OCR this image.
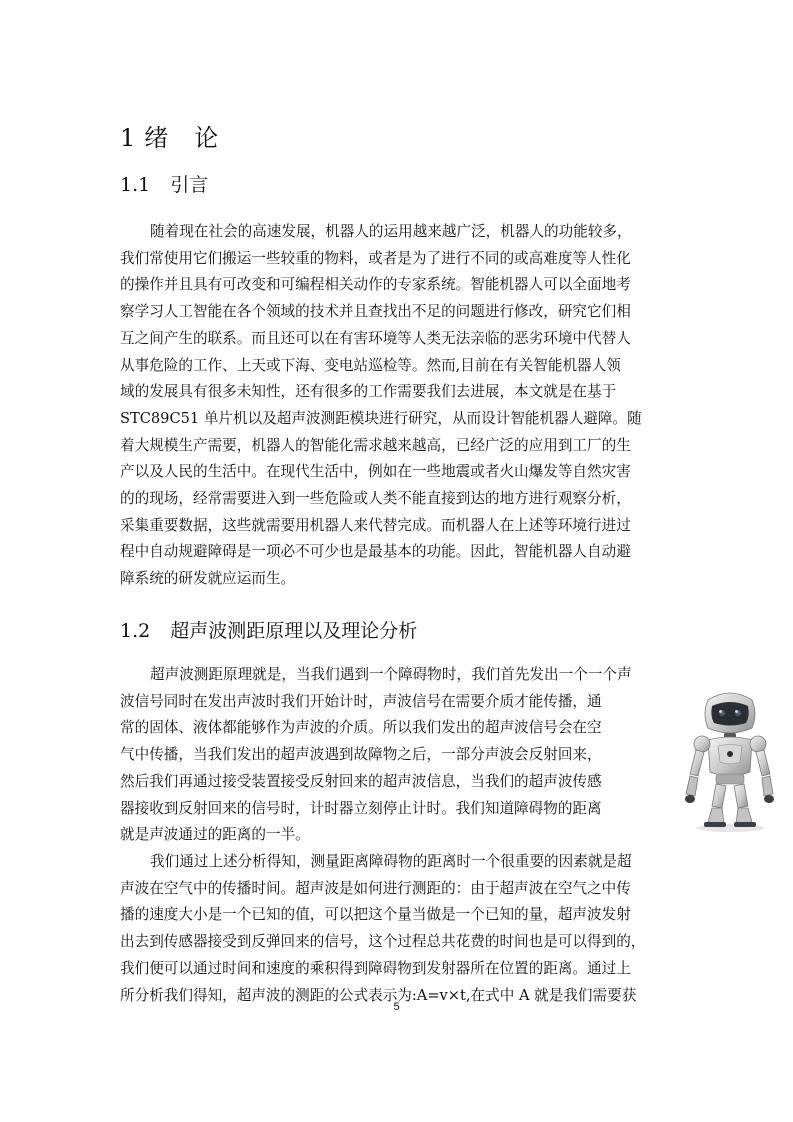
1 绪　论
1.1 引言
随着现在社会的高速发展，机器人的运用越来越广泛，机器人的功能较多，
我们常使用它们搬运一些较重的物料，或者是为了进行不同的或高难度等人性化
的操作并且具有可改变和可编程相关动作的专家系统。智能机器人可以全面地考
察学习人工智能在各个领域的技术并且查找出不足的问题进行修改，研究它们相
互之间产生的联系。而且还可以在有害环境等人类无法亲临的恶劣环境中代替人
从事危险的工作、上天或下海、变电站巡检等。然而,目前在有关智能机器人领
域的发展具有很多未知性，还有很多的工作需要我们去进展，本文就是在基于
STC89C51 单片机以及超声波测距模块进行研究，从而设计智能机器人避障。随
着大规模生产需要，机器人的智能化需求越来越高，已经广泛的应用到工厂的生
产以及人民的生活中。在现代生活中，例如在一些地震或者火山爆发等自然灾害
的的现场，经常需要进入到一些危险或人类不能直接到达的地方进行观察分析，
采集重要数据，这些就需要用机器人来代替完成。而机器人在上述等环境行进过
程中自动规避障碍是一项必不可少也是最基本的功能。因此，智能机器人自动避
障系统的研发就应运而生。
1.2 超声波测距原理以及理论分析
超声波测距原理就是，当我们遇到一个障碍物时，我们首先发出一个一个声
波信号同时在发出声波时我们开始计时，声波信号在需要介质才能传播，通
常的固体、液体都能够作为声波的介质。所以我们发出的超声波信号会在空
气中传播，当我们发出的超声波遇到故障物之后，一部分声波会反射回来，
然后我们再通过接受装置接受反射回来的超声波信息，当我们的超声波传感
器接收到反射回来的信号时，计时器立刻停止计时。我们知道障碍物的距离
就是声波通过的距离的一半。
我们通过上述分析得知，测量距离障碍物的距离时一个很重要的因素就是超
声波在空气中的传播时间。超声波是如何进行测距的：由于超声波在空气之中传
播的速度大小是一个已知的值，可以把这个量当做是一个已知的量，超声波发射
出去到传感器接受到反弹回来的信号，这个过程总共花费的时间也是可以得到的，
我们便可以通过时间和速度的乘积得到障碍物到发射器所在位置的距离。通过上
所分析我们得知，超声波的测距的公式表示为:A=v×t,在式中 A 就是我们需要获
5
